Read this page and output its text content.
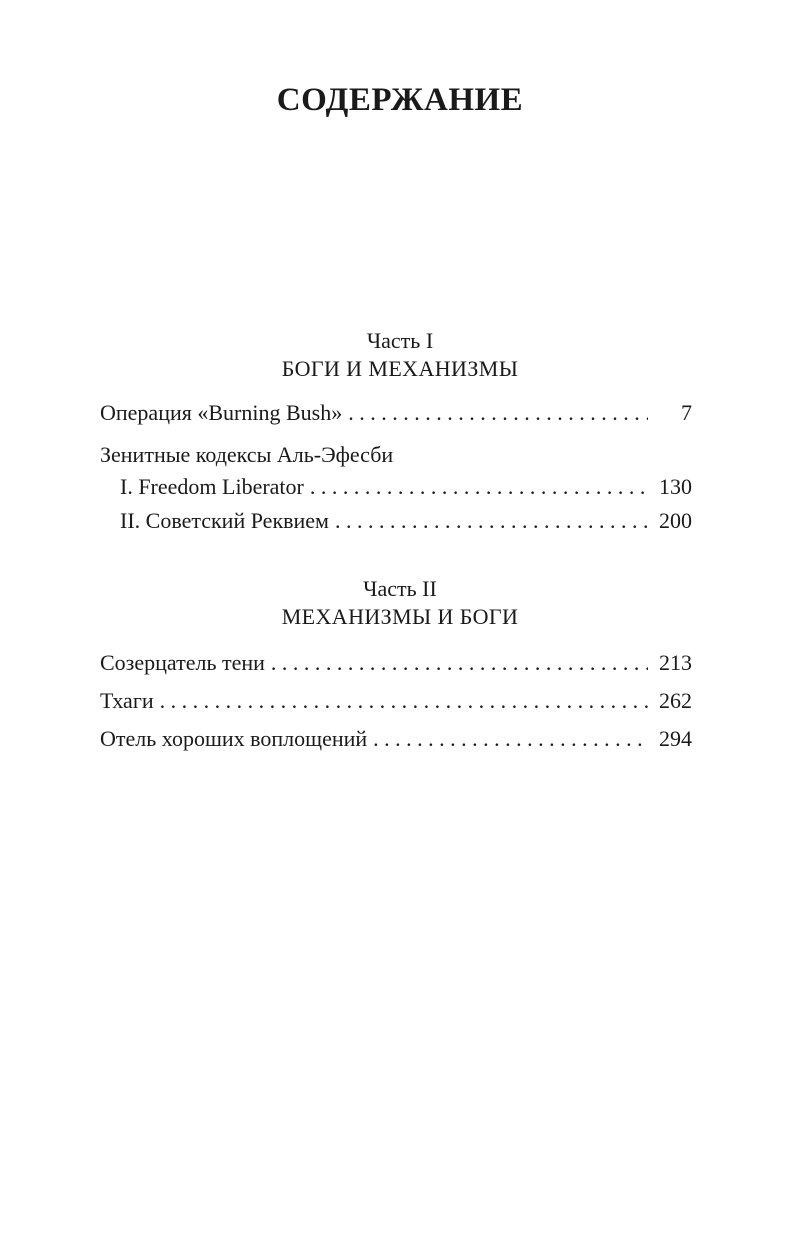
СОДЕРЖАНИЕ
Часть I
БОГИ И МЕХАНИЗМЫ
Операция «Burning Bush» . . .	7
Зенитные кодексы Аль-Эфесби
I. Freedom Liberator . . .	130
II. Советский Реквием . . .	200
Часть II
МЕХАНИЗМЫ И БОГИ
Созерцатель тени . . .	213
Тхаги . . .	262
Отель хороших воплощений . . .	294
